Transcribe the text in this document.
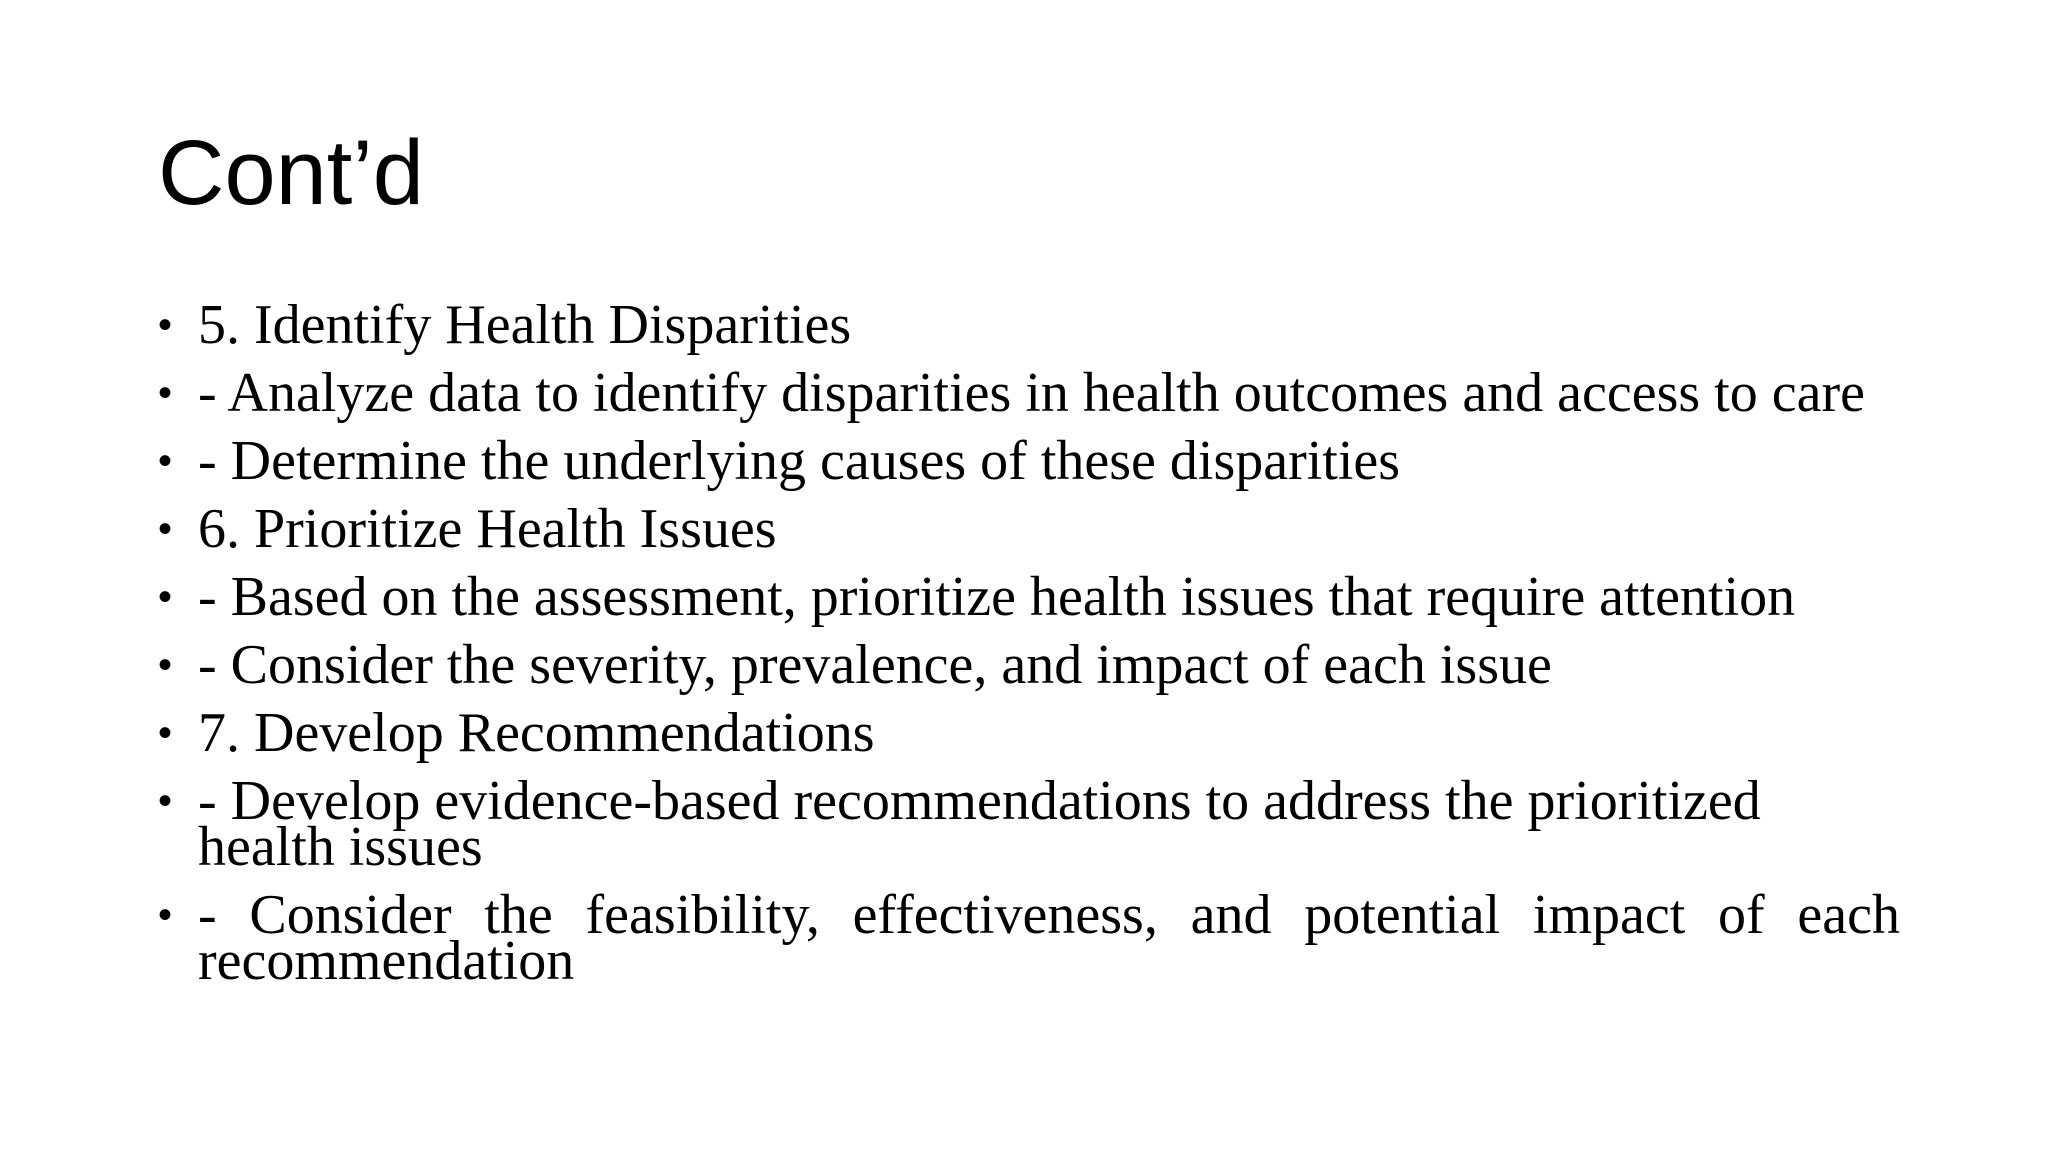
Cont’d
• 5. Identify Health Disparities
• - Analyze data to identify disparities in health outcomes and access to care
• - Determine the underlying causes of these disparities
• 6. Prioritize Health Issues
• - Based on the assessment, prioritize health issues that require attention
• - Consider the severity, prevalence, and impact of each issue
• 7. Develop Recommendations
• - Develop evidence-based recommendations to address the prioritized health issues
• - Consider the feasibility, effectiveness, and potential impact of each recommendation
